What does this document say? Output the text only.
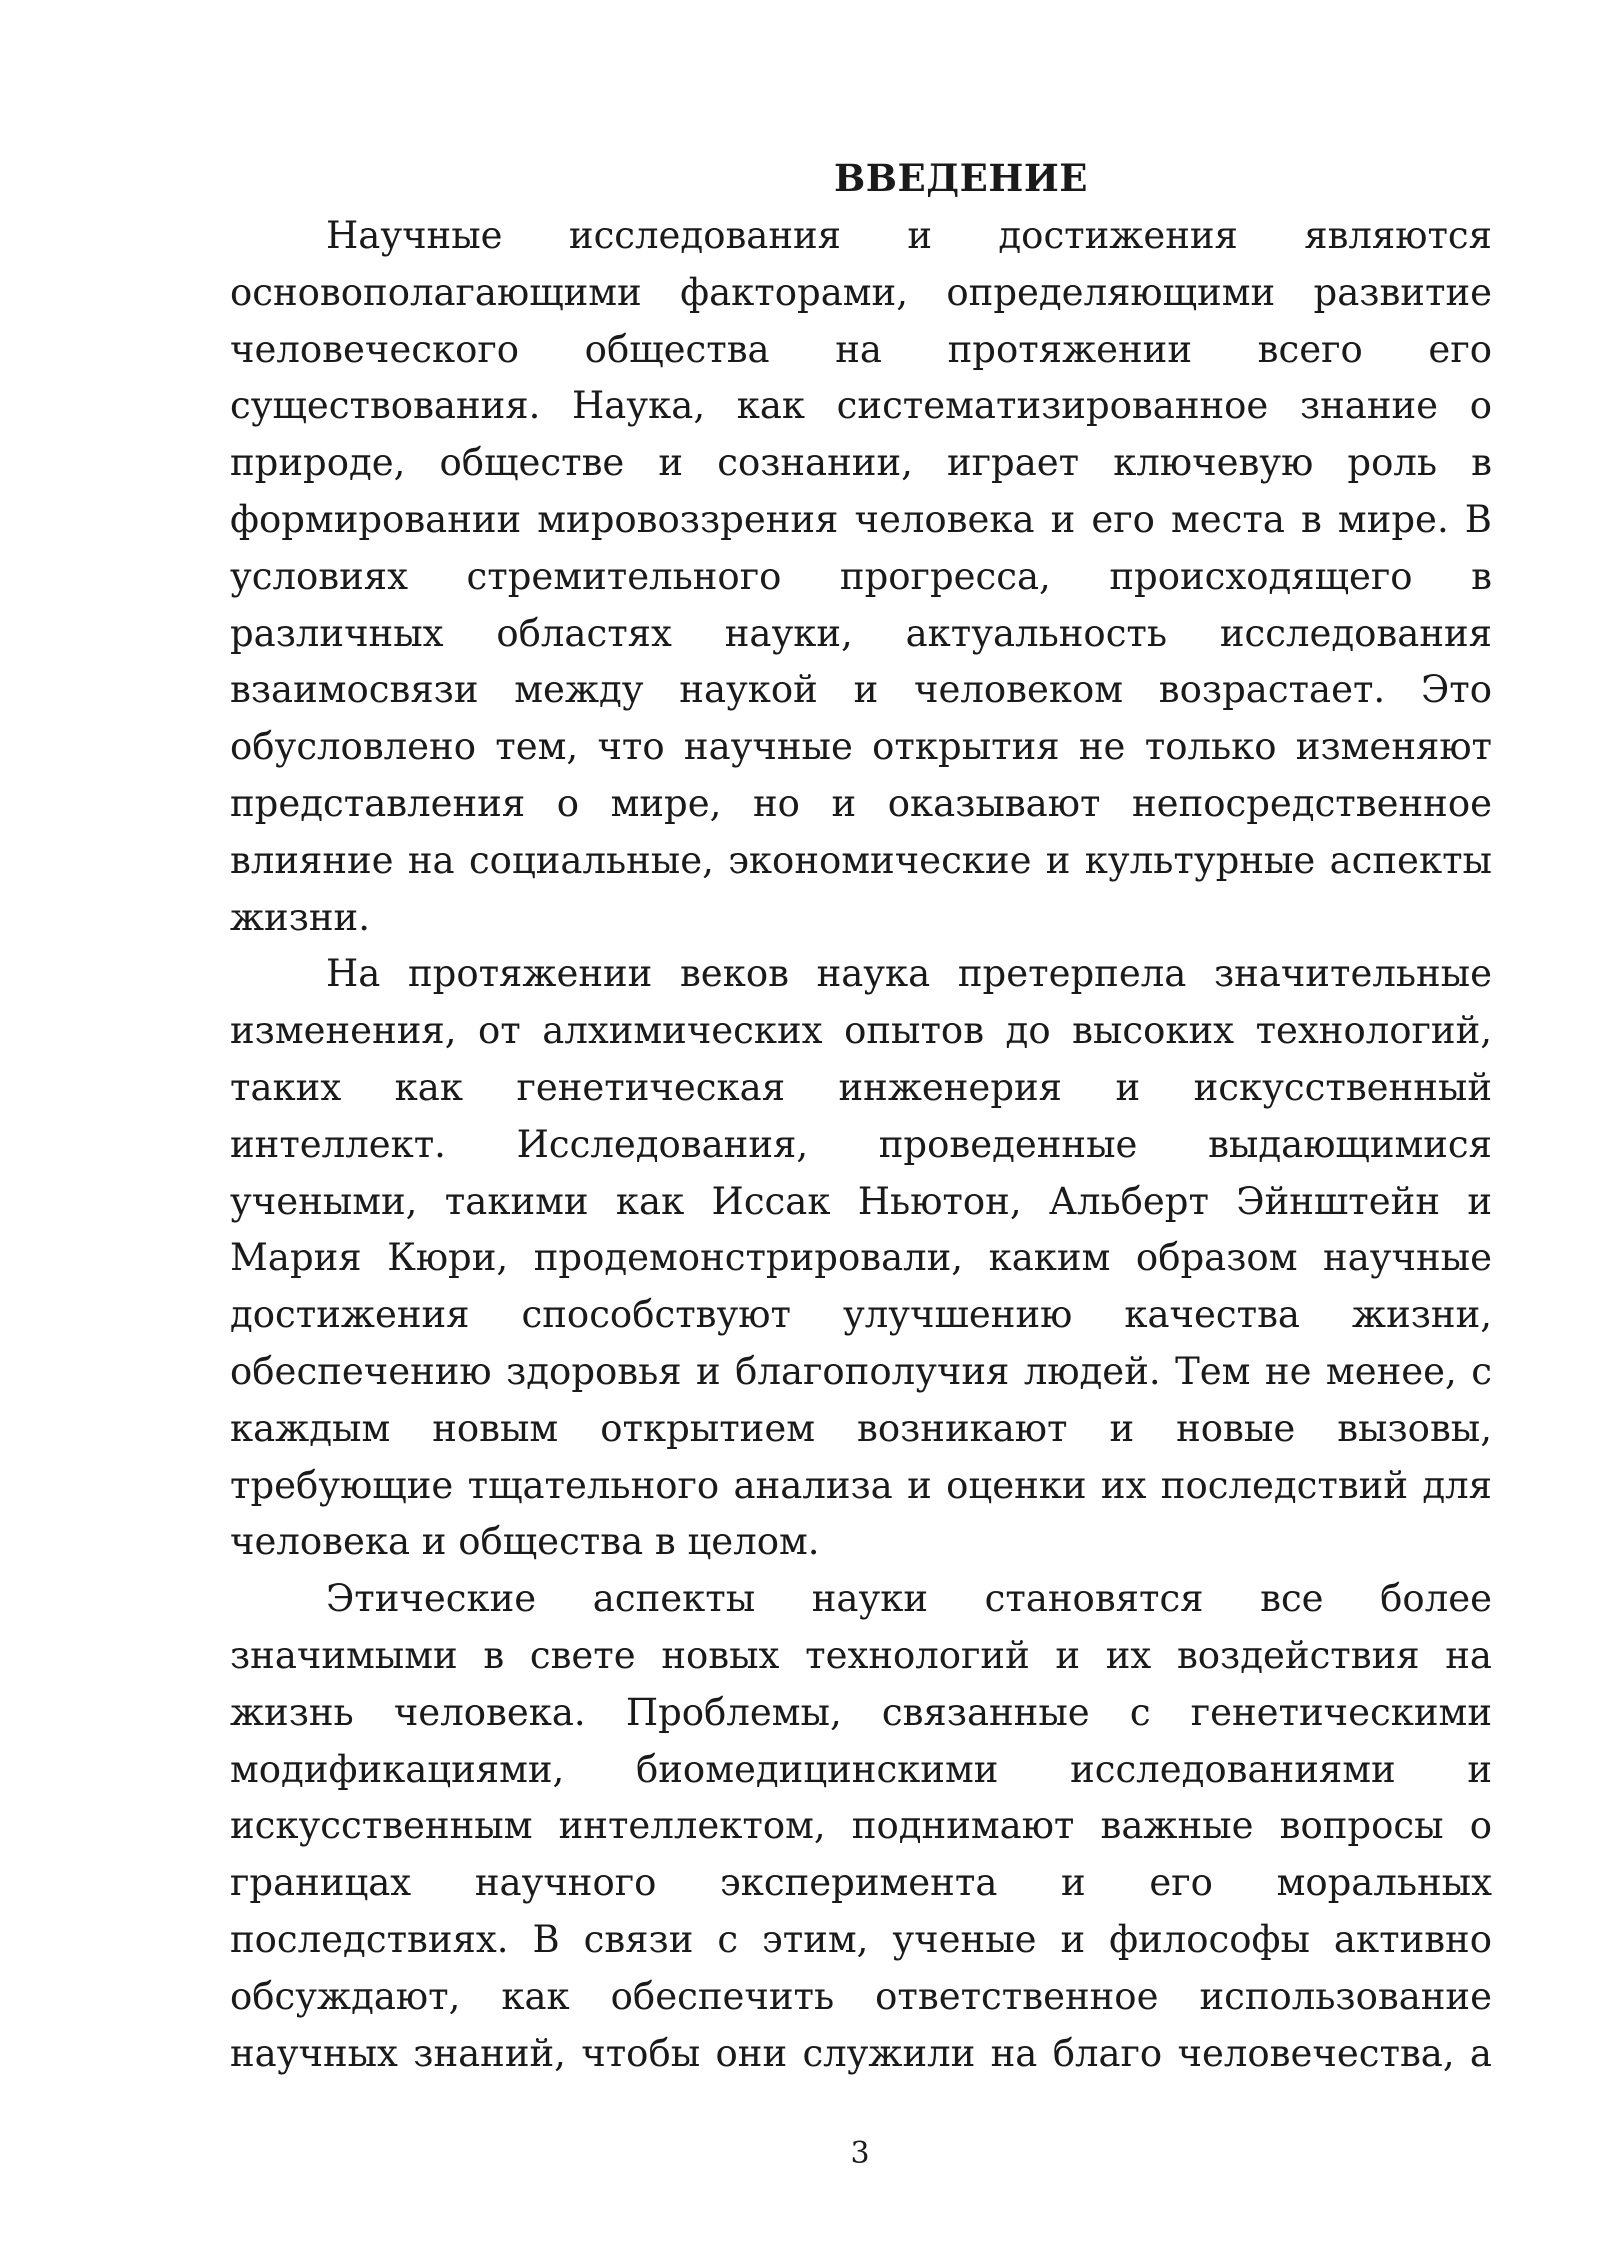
ВВЕДЕНИЕ

Научные исследования и достижения являются основополагающими факторами, определяющими развитие человеческого общества на протяжении всего его существования. Наука, как систематизированное знание о природе, обществе и сознании, играет ключевую роль в формировании мировоззрения человека и его места в мире. В условиях стремительного прогресса, происходящего в различных областях науки, актуальность исследования взаимосвязи между наукой и человеком возрастает. Это обусловлено тем, что научные открытия не только изменяют представления о мире, но и оказывают непосредственное влияние на социальные, экономические и культурные аспекты жизни.

На протяжении веков наука претерпела значительные изменения, от алхимических опытов до высоких технологий, таких как генетическая инженерия и искусственный интеллект. Исследования, проведенные выдающимися учеными, такими как Иссак Ньютон, Альберт Эйнштейн и Мария Кюри, продемонстрировали, каким образом научные достижения способствуют улучшению качества жизни, обеспечению здоровья и благополучия людей. Тем не менее, с каждым новым открытием возникают и новые вызовы, требующие тщательного анализа и оценки их последствий для человека и общества в целом.

Этические аспекты науки становятся все более значимыми в свете новых технологий и их воздействия на жизнь человека. Проблемы, связанные с генетическими модификациями, биомедицинскими исследованиями и искусственным интеллектом, поднимают важные вопросы о границах научного эксперимента и его моральных последствиях. В связи с этим, ученые и философы активно обсуждают, как обеспечить ответственное использование научных знаний, чтобы они служили на благо человечества, а

3
